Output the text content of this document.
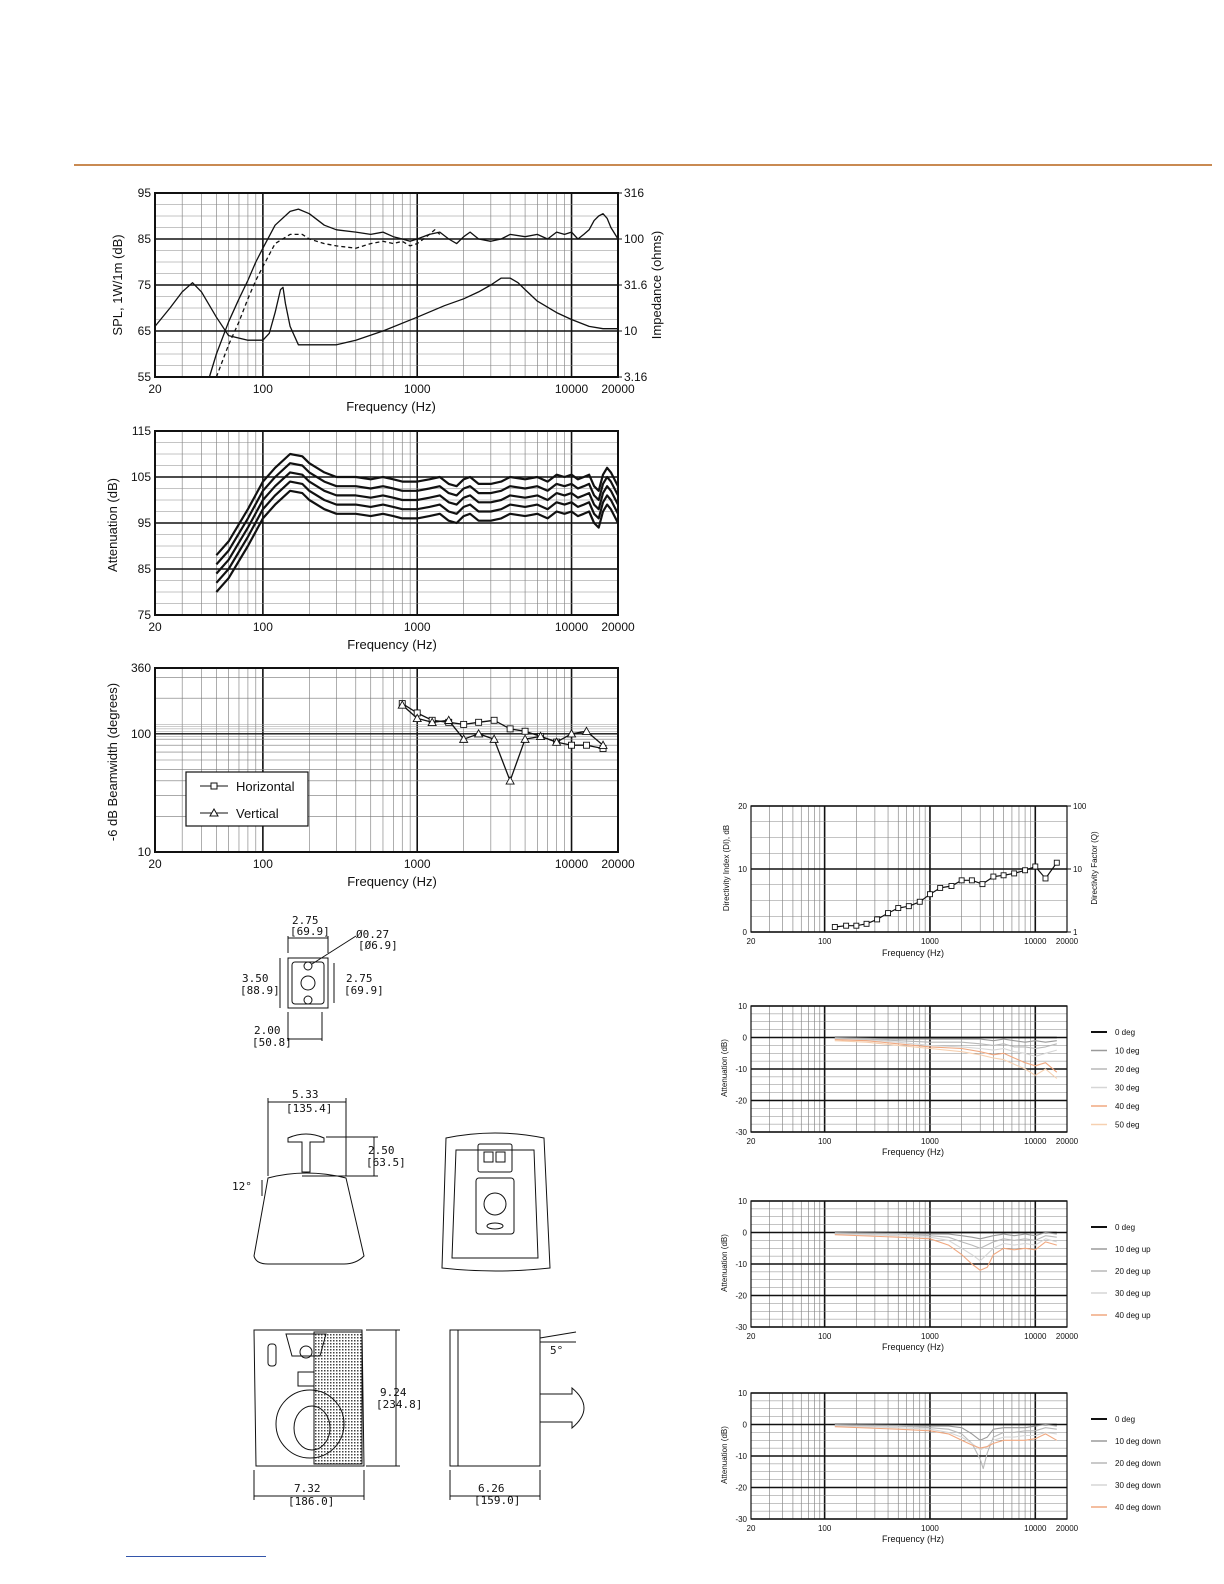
95
85
75
65
55
316
100
31.6
10
3.16
20	100	1000	10000 20000
SPL, 1W/1m (dB)	Impedance (ohms)
Frequency (Hz)
115
105
95
85
75
20	100	1000	10000 20000
Attenuation (dB)
Frequency (Hz)
360
100
10
20	100	1000	10000 20000
-6 dB Beamwidth (degrees)
Frequency (Hz)
Horizontal
Vertical	20
10
0
100
10
1
20	100	1000	10000 20000
Directivity Index (DI), dB	Directivity Factor (Q)
Frequency (Hz)
10
0
-10
-20
-30
20	100	1000	10000 20000
0 deg
10 deg
20 deg
30 deg
40 deg
50 deg
Attenuation (dB)
Frequency (Hz)
10
0
-10
-20
-30
20	100	1000	10000 20000
0 deg
10 deg up
20 deg up
30 deg up
40 deg up
Attenuation (dB)
Frequency (Hz)
10
0
-10
-20
-30
20	100	1000	10000 20000
0 deg
10 deg down
20 deg down
30 deg down
40 deg down
Attenuation (dB)
Frequency (Hz)
2.75
[69.9] Ø0.27
[Ø6.9]
3.50
[88.9]
2.75
[69.9]
2.00
[50.8]
5.33
[135.4]
2.50
[63.5]
12°
9.24
[234.8]
7.32
[186.0]
5°
6.26
[159.0]
